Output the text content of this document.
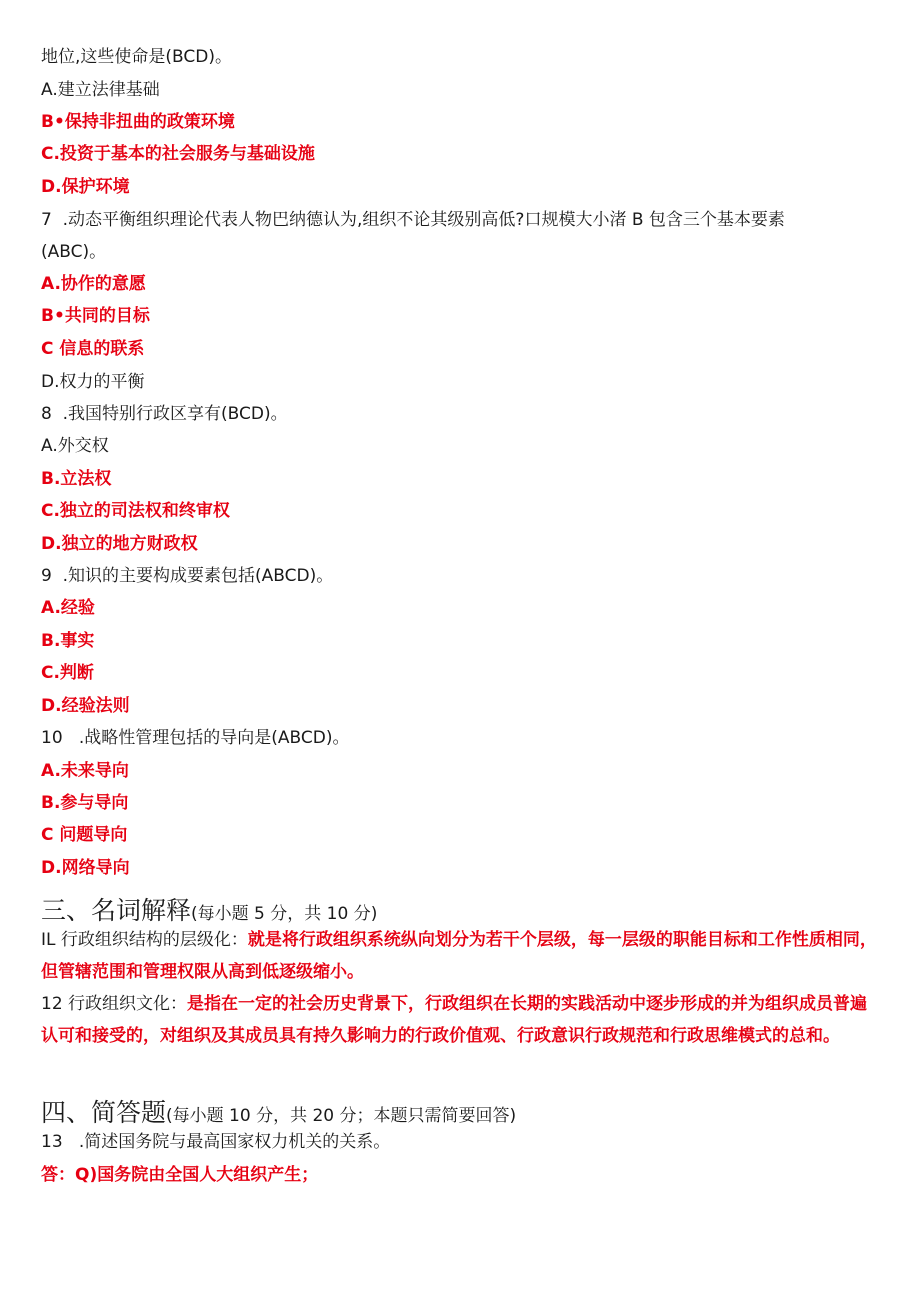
地位,这些使命是(BCD)。
A.建立法律基础
B•保持非扭曲的政策环境
C.投资于基本的社会服务与基础设施
D.保护环境
7  .动态平衡组织理论代表人物巴纳德认为,组织不论其级别高低?口规模大小渚 B 包含三个基本要素
(ABC)。
A.协作的意愿
B•共同的目标
C 信息的联系
D.权力的平衡
8  .我国特别行政区享有(BCD)。
A.外交权
B.立法权
C.独立的司法权和终审权
D.独立的地方财政权
9  .知识的主要构成要素包括(ABCD)。
A.经验
B.事实
C.判断
D.经验法则
10   .战略性管理包括的导向是(ABCD)。
A.未来导向
B.参与导向
C 问题导向
D.网络导向
三、名词解释(每小题 5 分，共 10 分)
IL 行政组织结构的层级化：就是将行政组织系统纵向划分为若干个层级，每一层级的职能目标和工作性质相同，但管辖范围和管理权限从高到低逐级缩小。
12 行政组织文化：是指在一定的社会历史背景下，行政组织在长期的实践活动中逐步形成的并为组织成员普遍认可和接受的，对组织及其成员具有持久影响力的行政价值观、行政意识行政规范和行政思维模式的总和。
四、简答题(每小题 10 分，共 20 分；本题只需简要回答)
13   .简述国务院与最高国家权力机关的关系。
答：Q)国务院由全国人大组织产生；
